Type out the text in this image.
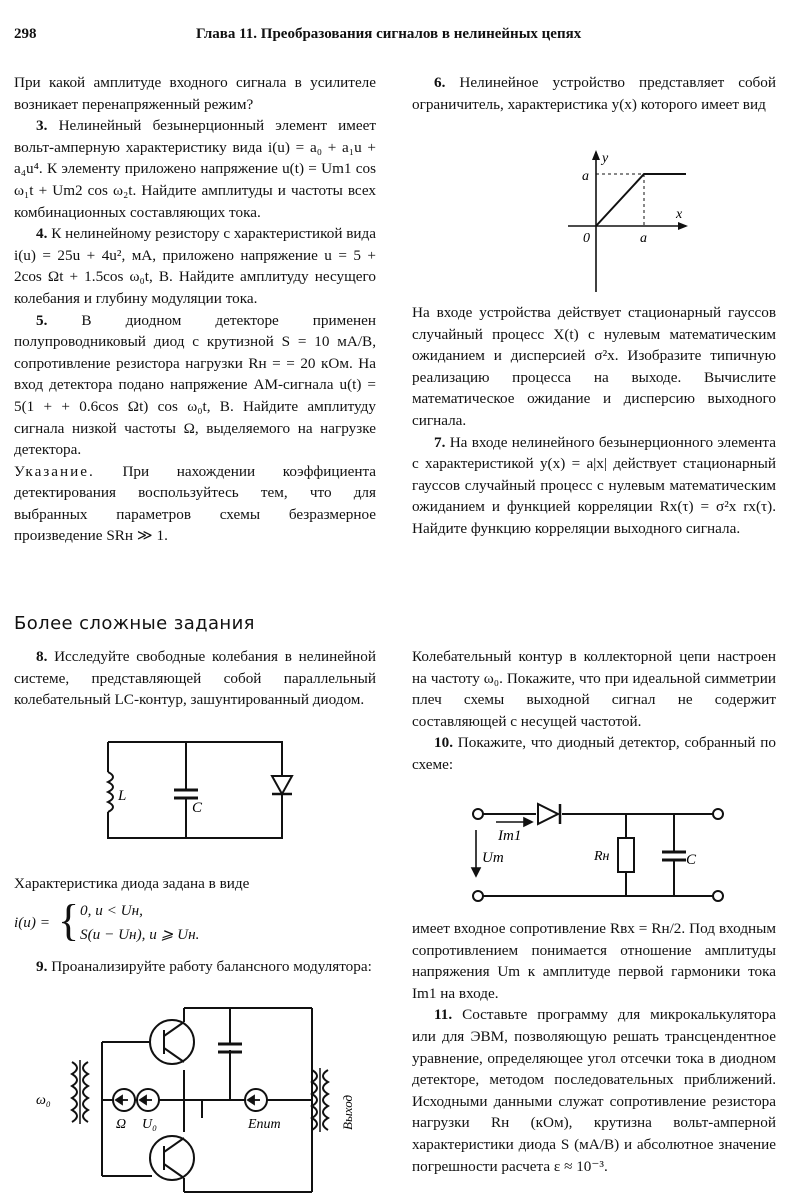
298	Глава 11. Преобразования сигналов в нелинейных цепях

При какой амплитуде входного сигнала в усилителе возникает перенапряженный режим?

3. Нелинейный безынерционный элемент имеет вольт-амперную характеристику вида i(u) = a₀ + a₁u + a₄u⁴. К элементу приложено напряжение u(t) = Um1 cos ω₁t + Um2 cos ω₂t. Найдите амплитуды и частоты всех комбинационных составляющих тока.

4. К нелинейному резистору с характеристикой вида i(u) = 25u + 4u², мА, приложено напряжение u = 5 + 2cos Ωt + 1.5cos ω₀t, В. Найдите амплитуду несущего колебания и глубину модуляции тока.

5. В диодном детекторе применен полупроводниковый диод с крутизной S = 10 мА/В, сопротивление резистора нагрузки Rн = = 20 кОм. На вход детектора подано напряжение АМ-сигнала u(t) = 5(1 + + 0.6cos Ωt) cos ω₀t, В. Найдите амплитуду сигнала низкой частоты Ω, выделяемого на нагрузке детектора.

Указание. При нахождении коэффициента детектирования воспользуйтесь тем, что для выбранных параметров схемы безразмерное произведение SRн ≫ 1.

6. Нелинейное устройство представляет собой ограничитель, характеристика y(x) которого имеет вид

y
x
a
a
0

На входе устройства действует стационарный гауссов случайный процесс X(t) с нулевым математическим ожиданием и дисперсией σ²x. Изобразите типичную реализацию процесса на выходе. Вычислите математическое ожидание и дисперсию выходного сигнала.

7. На входе нелинейного безынерционного элемента с характеристикой y(x) = a|x| действует стационарный гауссов случайный процесс с нулевым математическим ожиданием и функцией корреляции Rx(τ) = σ²x rx(τ). Найдите функцию корреляции выходного сигнала.

Более сложные задания

8. Исследуйте свободные колебания в нелинейной системе, представляющей собой параллельный колебательный LC-контур, зашунтированный диодом.

L
C

Характеристика диода задана в виде

i(u) = { 0, u < Uн,
S(u − Uн), u ⩾ Uн.

9. Проанализируйте работу балансного модулятора:

ω₀
Ω U₀	Eпит	Выход

Колебательный контур в коллекторной цепи настроен на частоту ω₀. Покажите, что при идеальной симметрии плеч схемы выходной сигнал не содержит составляющей с несущей частотой.

10. Покажите, что диодный детектор, собранный по схеме:

Im1
Um	Rн	C

имеет входное сопротивление Rвх = Rн/2. Под входным сопротивлением понимается отношение амплитуды напряжения Um к амплитуде первой гармоники тока Im1 на входе.

11. Составьте программу для микрокалькулятора или для ЭВМ, позволяющую решать трансцендентное уравнение, определяющее угол отсечки тока в диодном детекторе, методом последовательных приближений. Исходными данными служат сопротивление резистора нагрузки Rн (кОм), крутизна вольт-амперной характеристики диода S (мА/В) и абсолютное значение погрешности расчета ε ≈ 10⁻³.
